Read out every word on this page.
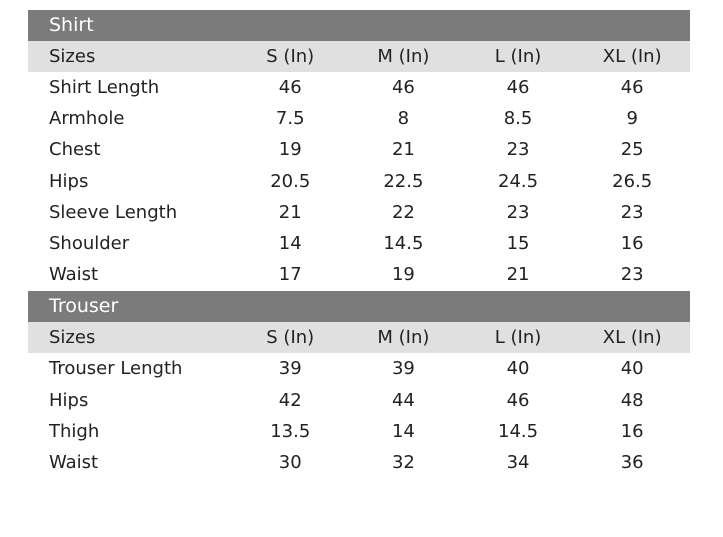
Shirt
Sizes	S (In)	M (In)	L (In)	XL (In)
Shirt Length	46	46	46	46
Armhole	7.5	8	8.5	9
Chest	19	21	23	25
Hips	20.5	22.5	24.5	26.5
Sleeve Length	21	22	23	23
Shoulder	14	14.5	15	16
Waist	17	19	21	23
Trouser
Sizes	S (In)	M (In)	L (In)	XL (In)
Trouser Length	39	39	40	40
Hips	42	44	46	48
Thigh	13.5	14	14.5	16
Waist	30	32	34	36
